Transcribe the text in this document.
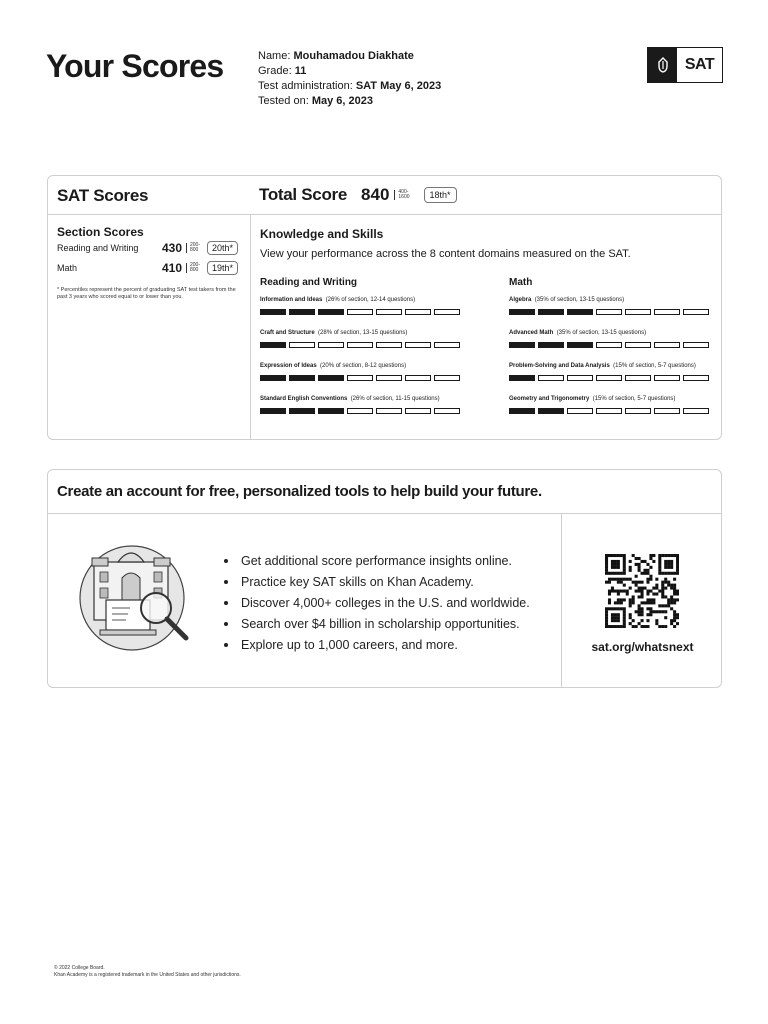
Your Scores	Name: Mouhamadou Diakhate
Grade: 11
Test administration: SAT May 6, 2023
Tested on: May 6, 2023
SAT
SAT Scores	Total Score 840	400-
1600	18th*
Section Scores
Reading and Writing	430	200-
800	20th*
Math	410	200-
800	19th*
* Percentiles represent the percent of graduating SAT test takers from the past 3 years who scored equal to or lower than you.
Knowledge and Skills
View your performance across the 8 content domains measured on the SAT.
Reading and Writing
Information and Ideas (26% of section, 12-14 questions)
Craft and Structure (28% of section, 13-15 questions)
Expression of Ideas (20% of section, 8-12 questions)
Standard English Conventions (26% of section, 11-15 questions)
Math
Algebra (35% of section, 13-15 questions)
Advanced Math (35% of section, 13-15 questions)
Problem-Solving and Data Analysis (15% of section, 5-7 questions)
Geometry and Trigonometry (15% of section, 5-7 questions)
Create an account for free, personalized tools to help build your future.
Get additional score performance insights online.
Practice key SAT skills on Khan Academy.
Discover 4,000+ colleges in the U.S. and worldwide.
Search over $4 billion in scholarship opportunities.
Explore up to 1,000 careers, and more.	sat.org/whatsnext
© 2022 College Board.
Khan Academy is a registered trademark in the United States and other jurisdictions.
